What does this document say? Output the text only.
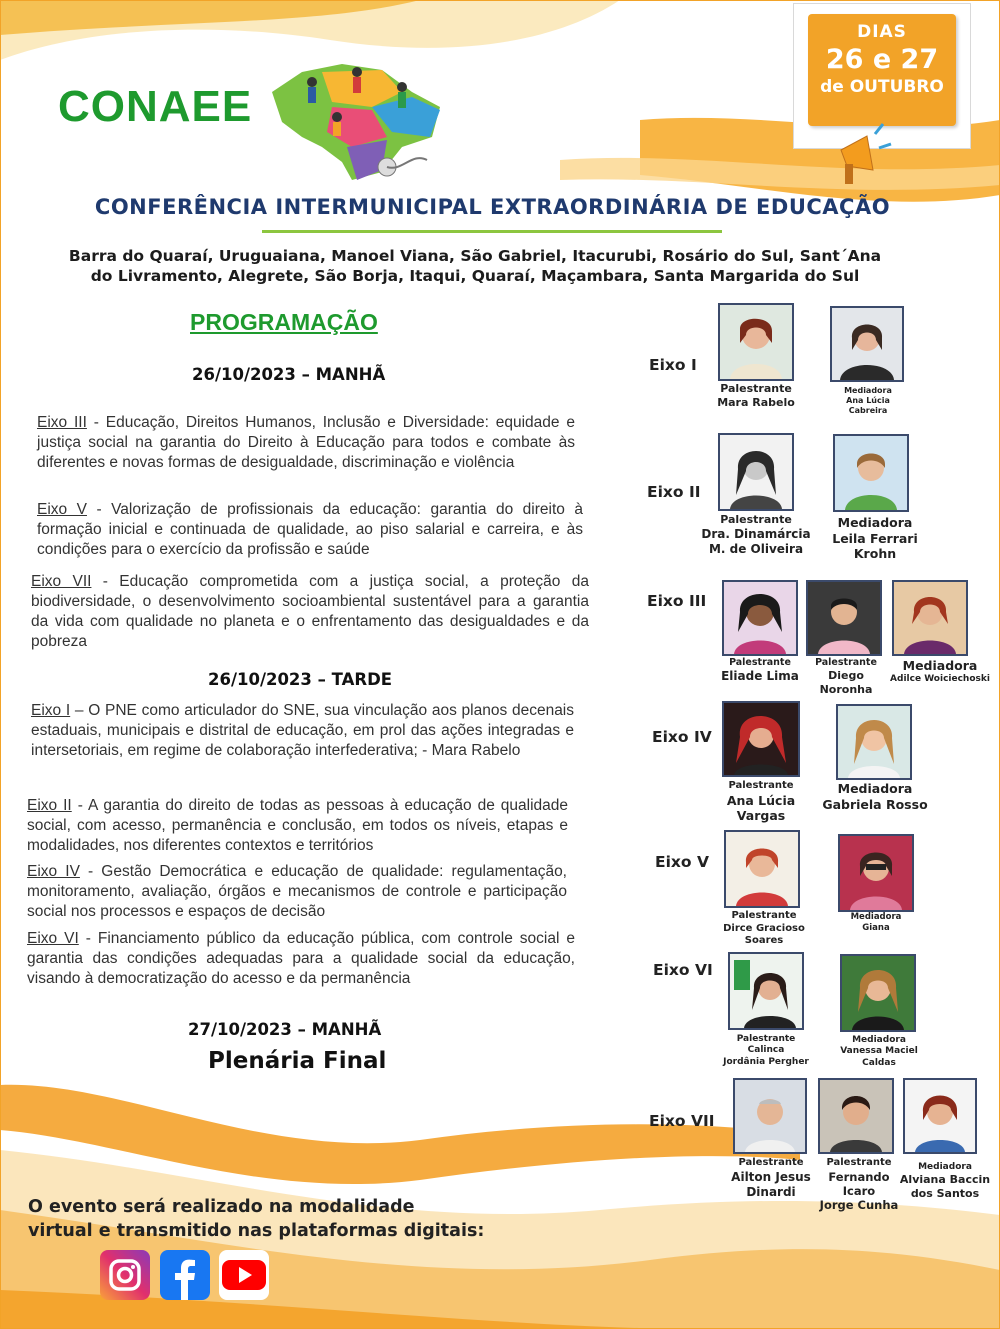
CONAEE
DIAS
26 e 27
de OUTUBRO
CONFERÊNCIA INTERMUNICIPAL EXTRAORDINÁRIA DE EDUCAÇÃO
Barra do Quaraí, Uruguaiana, Manoel Viana, São Gabriel, Itacurubi, Rosário do Sul, Sant´Ana
do Livramento, Alegrete, São Borja, Itaqui, Quaraí, Maçambara, Santa Margarida do Sul
PROGRAMAÇÃO
26/10/2023 – MANHÃ
Eixo III - Educação, Direitos Humanos, Inclusão e Diversidade: equidade e justiça social na garantia do Direito à Educação para todos e combate às diferentes e novas formas de desigualdade, discriminação e violência
Eixo V - Valorização de profissionais da educação: garantia do direito à formação inicial e continuada de qualidade, ao piso salarial e carreira, e às condições para o exercício da profissão e saúde
Eixo VII - Educação comprometida com a justiça social, a proteção da biodiversidade, o desenvolvimento socioambiental sustentável para a garantia da vida com qualidade no planeta e o enfrentamento das desigualdades e da pobreza
26/10/2023 – TARDE
Eixo I – O PNE como articulador do SNE, sua vinculação aos planos decenais estaduais, municipais e distrital de educação, em prol das ações integradas e intersetoriais, em regime de colaboração interfederativa; - Mara Rabelo
Eixo II - A garantia do direito de todas as pessoas à educação de qualidade social, com acesso, permanência e conclusão, em todos os níveis, etapas e modalidades, nos diferentes contextos e territórios
Eixo IV - Gestão Democrática e educação de qualidade: regulamentação, monitoramento, avaliação, órgãos e mecanismos de controle e participação social nos processos e espaços de decisão
Eixo VI - Financiamento público da educação pública, com controle social e garantia das condições adequadas para a qualidade social da educação, visando à democratização do acesso e da permanência
27/10/2023 – MANHÃ
Plenária Final
Eixo I
Palestrante
Mara Rabelo
Mediadora
Ana Lúcia
Cabreira
Eixo II
Palestrante
Dra. Dinamárcia
M. de Oliveira
Mediadora
Leila Ferrari
Krohn
Eixo III
Palestrante
Eliade Lima
Palestrante
Diego Noronha
Mediadora
Adilce Woiciechoski
Eixo IV
Palestrante
Ana Lúcia
Vargas
Mediadora
Gabriela Rosso
Eixo V
Palestrante
Dirce Gracioso Soares
Mediadora
Giana
Eixo VI
Palestrante
Calinca
Jordânia Pergher
Mediadora
Vanessa Maciel
Caldas
Eixo VII
Palestrante
Ailton Jesus
Dinardi
Palestrante
Fernando Icaro
Jorge Cunha
Mediadora
Alviana Baccin
dos Santos
O evento será realizado na modalidade
virtual e transmitido nas plataformas digitais:
